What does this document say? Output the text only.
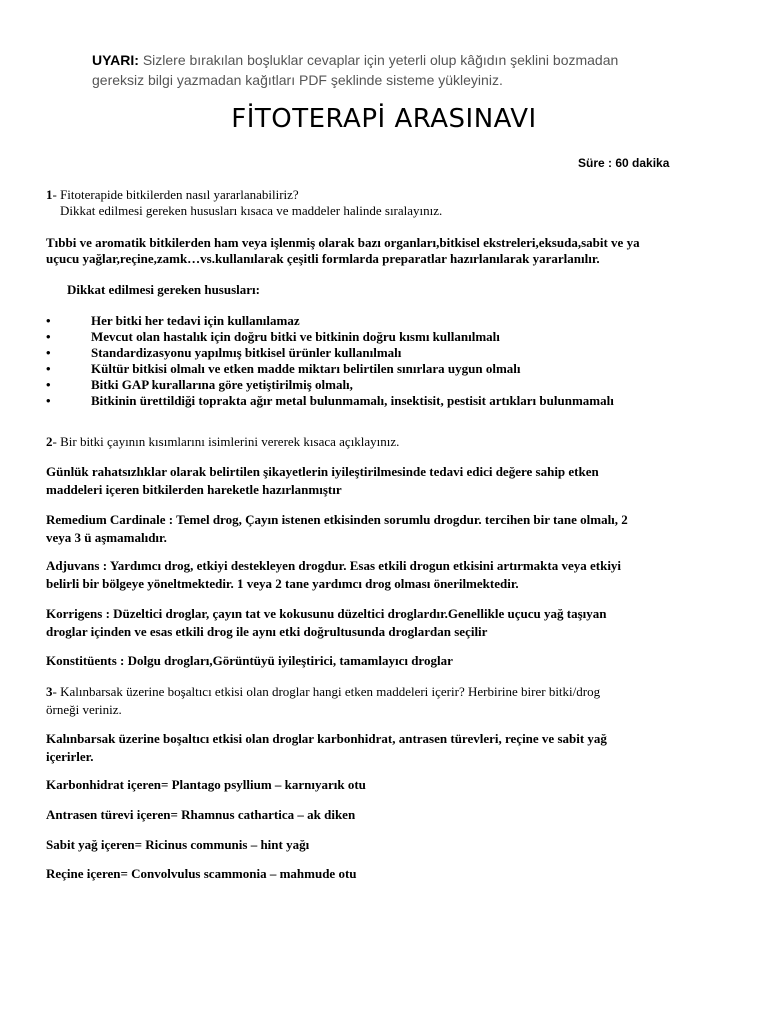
UYARI: Sizlere bırakılan boşluklar cevaplar için yeterli olup kâğıdın şeklini bozmadan
gereksiz bilgi yazmadan kağıtları PDF şeklinde sisteme yükleyiniz.
FİTOTERAPİ ARASINAVI
Süre : 60 dakika
1- Fitoterapide bitkilerden nasıl yararlanabiliriz?
Dikkat edilmesi gereken hususları kısaca ve maddeler halinde sıralayınız.
Tıbbi ve aromatik bitkilerden ham veya işlenmiş olarak bazı organları,bitkisel ekstreleri,eksuda,sabit ve ya
uçucu yağlar,reçine,zamk…vs.kullanılarak çeşitli formlarda preparatlar hazırlanılarak yararlanılır.
Dikkat edilmesi gereken hususları:
•	Her bitki her tedavi için kullanılamaz
•	Mevcut olan hastalık için doğru bitki ve bitkinin doğru kısmı kullanılmalı
•	Standardizasyonu yapılmış bitkisel ürünler kullanılmalı
•	Kültür bitkisi olmalı ve etken madde miktarı belirtilen sınırlara uygun olmalı
•	Bitki GAP kurallarına göre yetiştirilmiş olmalı,
•	Bitkinin ürettildiği toprakta ağır metal bulunmamalı, insektisit, pestisit artıkları bulunmamalı
2- Bir bitki çayının kısımlarını isimlerini vererek kısaca açıklayınız.
Günlük rahatsızlıklar olarak belirtilen şikayetlerin iyileştirilmesinde tedavi edici değere sahip etken
maddeleri içeren bitkilerden hareketle hazırlanmıştır
Remedium Cardinale : Temel drog, Çayın istenen etkisinden sorumlu drogdur. tercihen bir tane olmalı, 2
veya 3 ü aşmamalıdır.
Adjuvans : Yardımcı drog, etkiyi destekleyen drogdur. Esas etkili drogun etkisini artırmakta veya etkiyi
belirli bir bölgeye yöneltmektedir. 1 veya 2 tane yardımcı drog olması önerilmektedir.
Korrigens : Düzeltici droglar, çayın tat ve kokusunu düzeltici droglardır.Genellikle uçucu yağ taşıyan
droglar içinden ve esas etkili drog ile aynı etki doğrultusunda droglardan seçilir
Konstitüents : Dolgu drogları,Görüntüyü iyileştirici, tamamlayıcı droglar
3- Kalınbarsak üzerine boşaltıcı etkisi olan droglar hangi etken maddeleri içerir? Herbirine birer bitki/drog
örneği veriniz.
Kalınbarsak üzerine boşaltıcı etkisi olan droglar karbonhidrat, antrasen türevleri, reçine ve sabit yağ
içerirler.
Karbonhidrat içeren= Plantago psyllium – karnıyarık otu
Antrasen türevi içeren= Rhamnus cathartica – ak diken
Sabit yağ içeren= Ricinus communis – hint yağı
Reçine içeren= Convolvulus scammonia – mahmude otu
